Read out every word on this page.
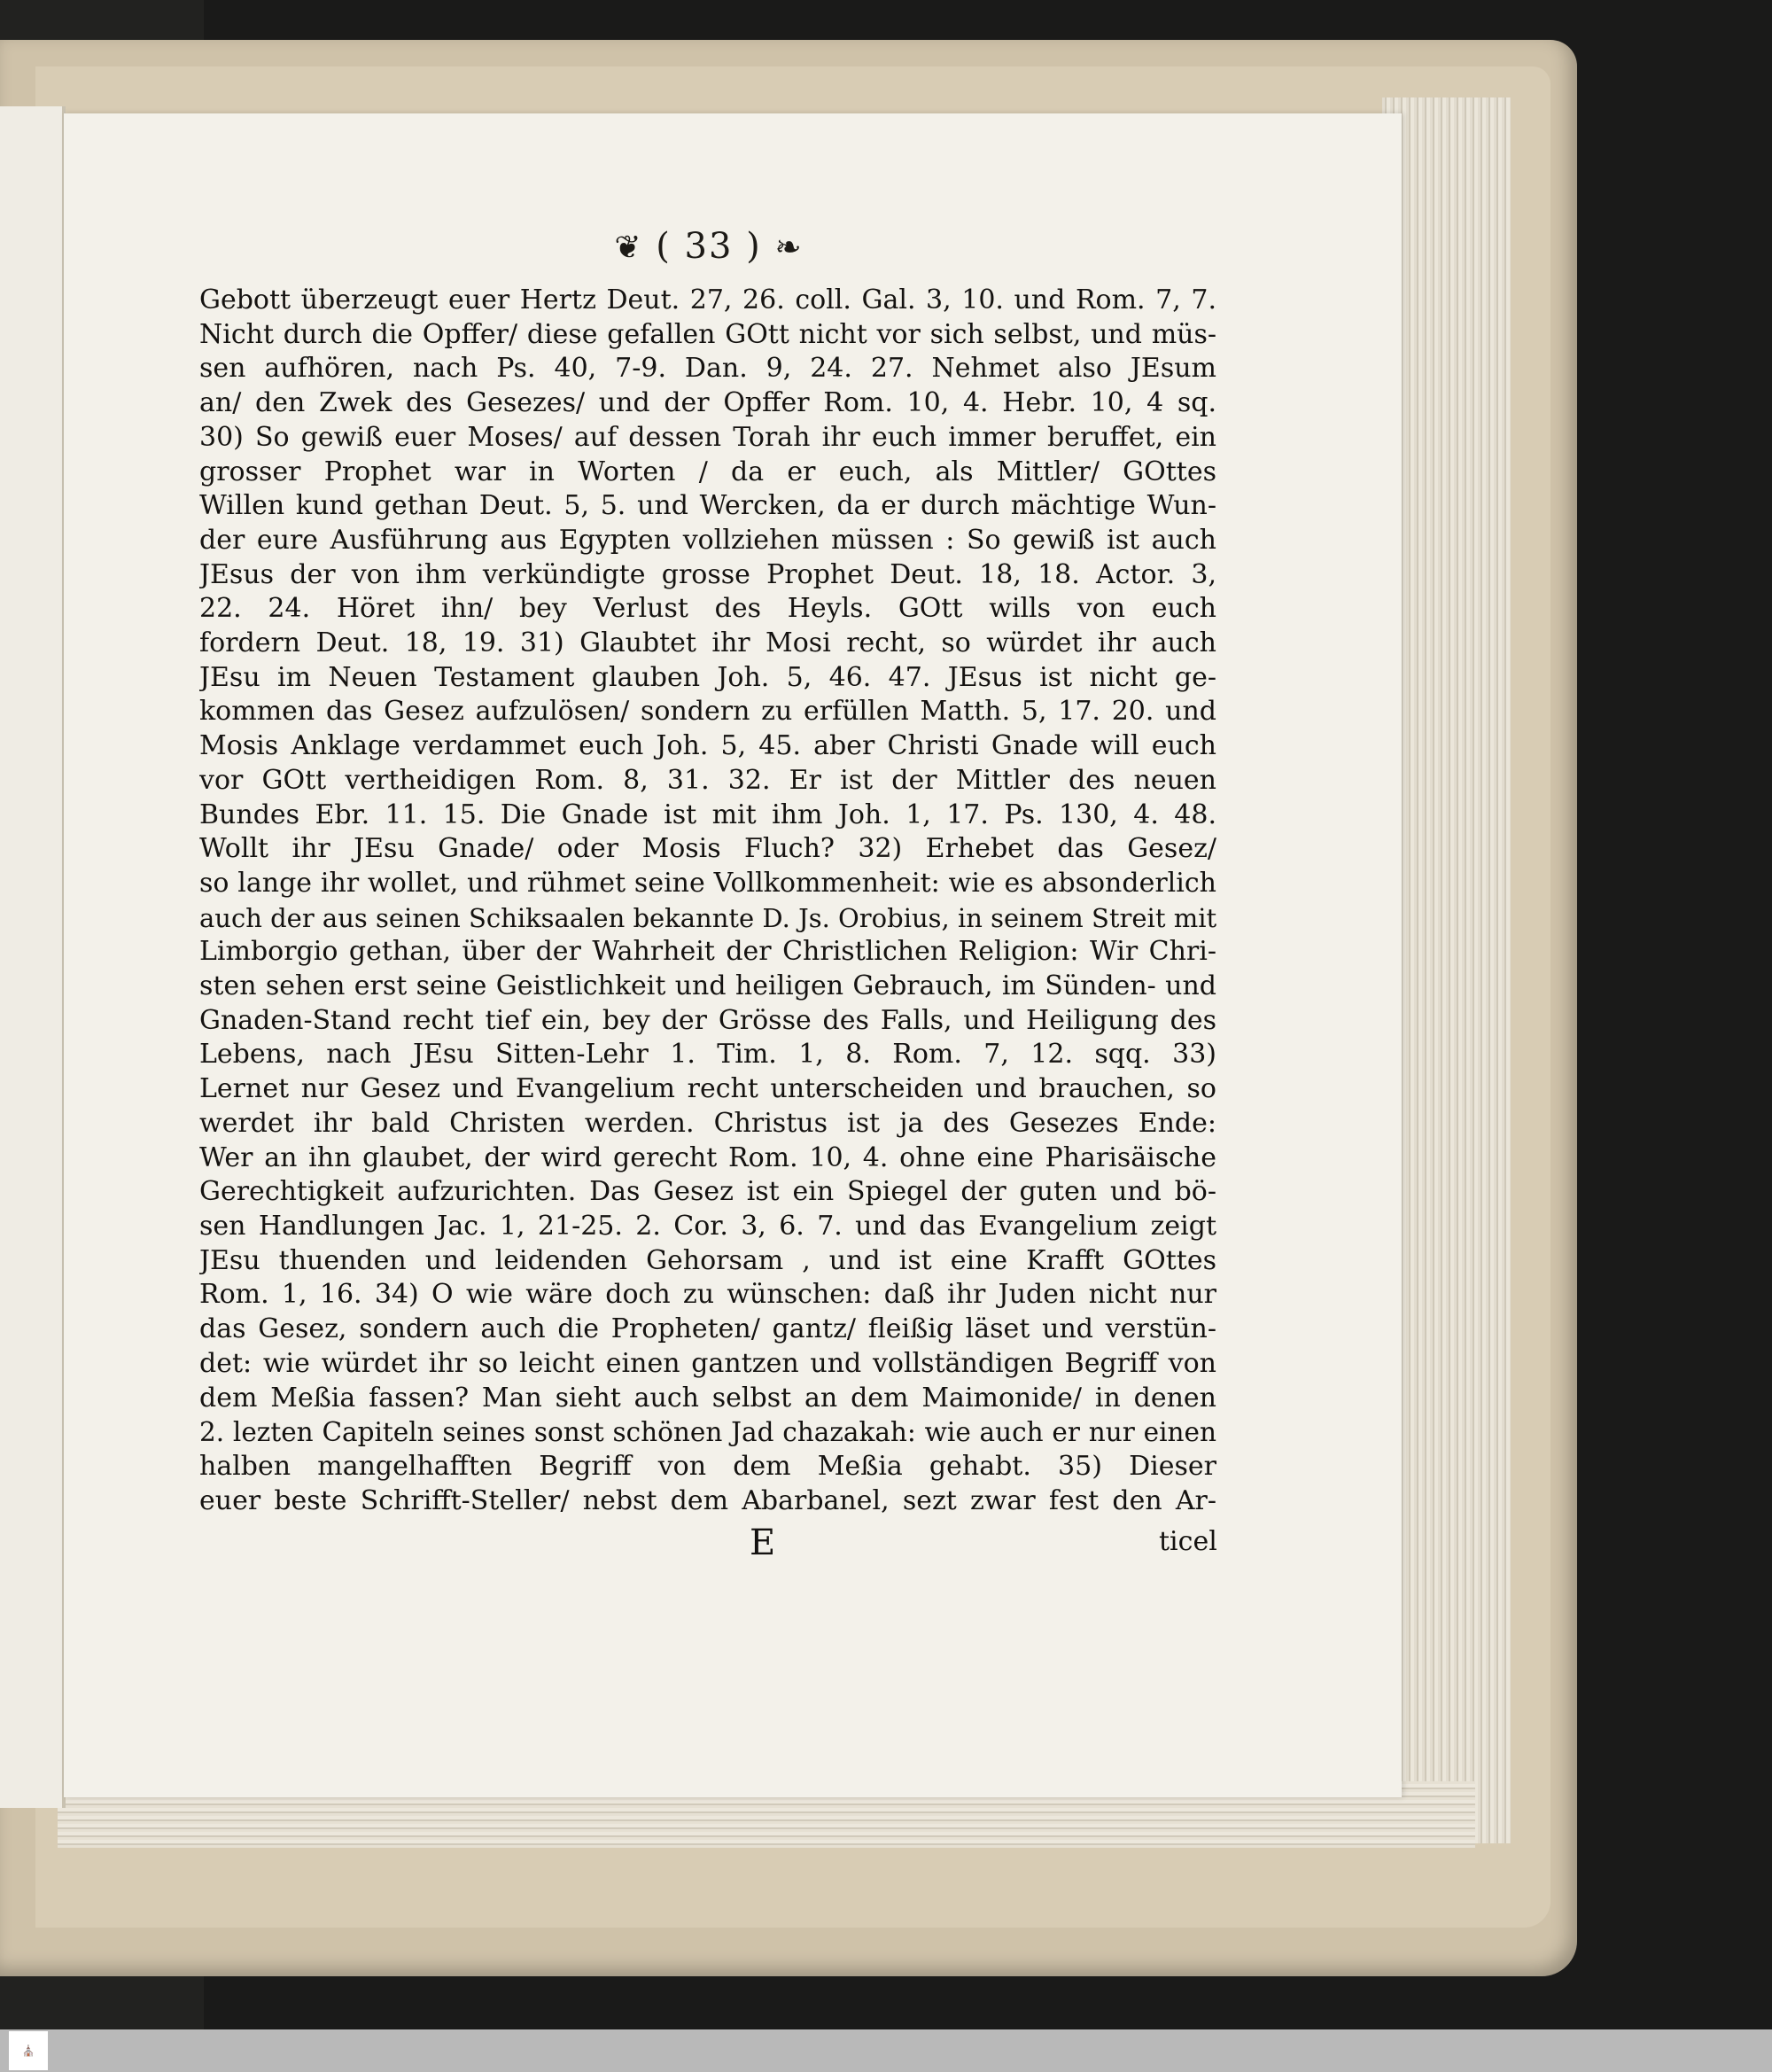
❦ ( 33 ) ❧
Gebott überzeugt euer Hertz Deut. 27, 26. coll. Gal. 3, 10. und Rom. 7, 7.
Nicht durch die Opffer/ diese gefallen GOtt nicht vor sich selbst, und müs-
sen aufhören, nach Ps. 40, 7-9. Dan. 9, 24. 27. Nehmet also JEsum
an/ den Zwek des Gesezes/ und der Opffer Rom. 10, 4. Hebr. 10, 4 sq.
30) So gewiß euer Moses/ auf dessen Torah ihr euch immer beruffet, ein
grosser Prophet war in Worten / da er euch, als Mittler/ GOttes
Willen kund gethan Deut. 5, 5. und Wercken, da er durch mächtige Wun-
der eure Ausführung aus Egypten vollziehen müssen : So gewiß ist auch
JEsus der von ihm verkündigte grosse Prophet Deut. 18, 18. Actor. 3,
22. 24. Höret ihn/ bey Verlust des Heyls. GOtt wills von euch
fordern Deut. 18, 19. 31) Glaubtet ihr Mosi recht, so würdet ihr auch
JEsu im Neuen Testament glauben Joh. 5, 46. 47. JEsus ist nicht ge-
kommen das Gesez aufzulösen/ sondern zu erfüllen Matth. 5, 17. 20. und
Mosis Anklage verdammet euch Joh. 5, 45. aber Christi Gnade will euch
vor GOtt vertheidigen Rom. 8, 31. 32. Er ist der Mittler des neuen
Bundes Ebr. 11. 15. Die Gnade ist mit ihm Joh. 1, 17. Ps. 130, 4. 48.
Wollt ihr JEsu Gnade/ oder Mosis Fluch? 32) Erhebet das Gesez/
so lange ihr wollet, und rühmet seine Vollkommenheit: wie es absonderlich
auch der aus seinen Schiksaalen bekannte D. Js. Orobius, in seinem Streit mit
Limborgio gethan, über der Wahrheit der Christlichen Religion: Wir Chri-
sten sehen erst seine Geistlichkeit und heiligen Gebrauch, im Sünden- und
Gnaden-Stand recht tief ein, bey der Grösse des Falls, und Heiligung des
Lebens, nach JEsu Sitten-Lehr 1. Tim. 1, 8. Rom. 7, 12. sqq. 33)
Lernet nur Gesez und Evangelium recht unterscheiden und brauchen, so
werdet ihr bald Christen werden. Christus ist ja des Gesezes Ende:
Wer an ihn glaubet, der wird gerecht Rom. 10, 4. ohne eine Pharisäische
Gerechtigkeit aufzurichten. Das Gesez ist ein Spiegel der guten und bö-
sen Handlungen Jac. 1, 21-25. 2. Cor. 3, 6. 7. und das Evangelium zeigt
JEsu thuenden und leidenden Gehorsam , und ist eine Krafft GOttes
Rom. 1, 16. 34) O wie wäre doch zu wünschen: daß ihr Juden nicht nur
das Gesez, sondern auch die Propheten/ gantz/ fleißig läset und verstün-
det: wie würdet ihr so leicht einen gantzen und vollständigen Begriff von
dem Meßia fassen? Man sieht auch selbst an dem Maimonide/ in denen
2. lezten Capiteln seines sonst schönen Jad chazakah: wie auch er nur einen
halben mangelhafften Begriff von dem Meßia gehabt. 35) Dieser
euer beste Schrifft-Steller/ nebst dem Abarbanel, sezt zwar fest den Ar-
E	ticel
⛪
